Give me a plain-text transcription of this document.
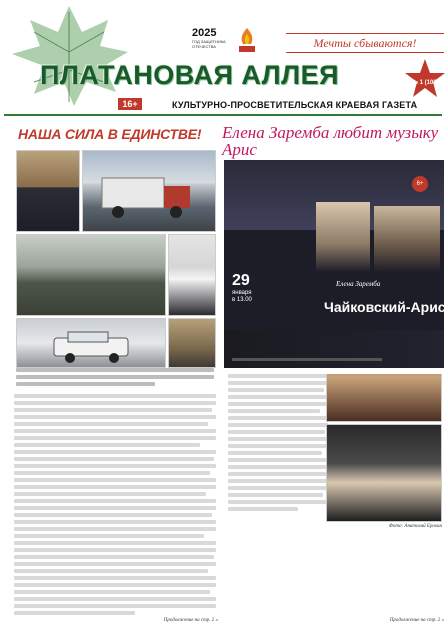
ПЛАТАНОВАЯ АЛЛЕЯ
2025
ГОД ЗАЩИТНИКА ОТЕЧЕСТВА	Мечты сбываются!
№ 1 (103)
16+	КУЛЬТУРНО-ПРОСВЕТИТЕЛЬСКАЯ КРАЕВАЯ ГАЗЕТА
НАША СИЛА В ЕДИНСТВЕ!
Продолжение на стр. 2 »
Елена Заремба любит музыку Арис
6+
29
января
в 13.00
Елена Заремба
Чайковский-Арис
Фото: Анатолий Ерохин
Продолжение на стр. 2 »
